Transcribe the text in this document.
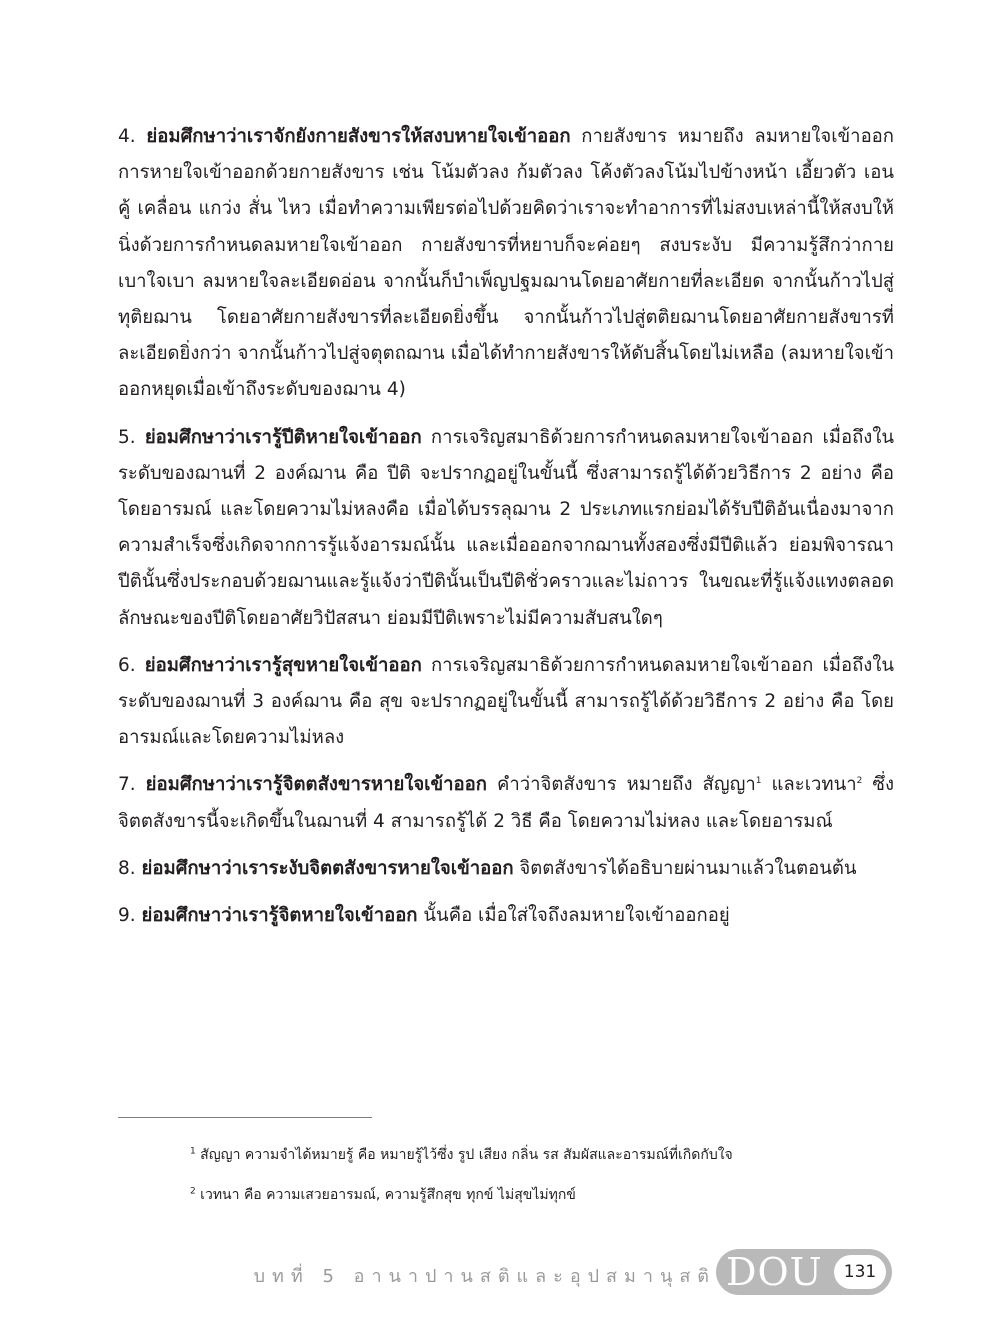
4. ย่อมศึกษาว่าเราจักยังกายสังขารให้สงบหายใจเข้าออก กายสังขาร หมายถึง ลมหายใจเข้าออก การหายใจเข้าออกด้วยกายสังขาร เช่น โน้มตัวลง ก้มตัวลง โค้งตัวลงโน้มไปข้างหน้า เอี้ยวตัว เอน คู้ เคลื่อน แกว่ง สั่น ไหว เมื่อทำความเพียรต่อไปด้วยคิดว่าเราจะทำอาการที่ไม่สงบเหล่านี้ให้สงบให้นิ่งด้วยการกำหนดลมหายใจเข้าออก กายสังขารที่หยาบก็จะค่อยๆ สงบระงับ มีความรู้สึกว่ากายเบาใจเบา ลมหายใจละเอียดอ่อน จากนั้นก็บำเพ็ญปฐมฌานโดยอาศัยกายที่ละเอียด จากนั้นก้าวไปสู่ทุติยฌาน โดยอาศัยกายสังขารที่ละเอียดยิ่งขึ้น จากนั้นก้าวไปสู่ตติยฌานโดยอาศัยกายสังขารที่ละเอียดยิ่งกว่า จากนั้นก้าวไปสู่จตุตถฌาน เมื่อได้ทำกายสังขารให้ดับสิ้นโดยไม่เหลือ (ลมหายใจเข้าออกหยุดเมื่อเข้าถึงระดับของฌาน 4)

5. ย่อมศึกษาว่าเรารู้ปีติหายใจเข้าออก การเจริญสมาธิด้วยการกำหนดลมหายใจเข้าออก เมื่อถึงในระดับของฌานที่ 2 องค์ฌาน คือ ปีติ จะปรากฏอยู่ในขั้นนี้ ซึ่งสามารถรู้ได้ด้วยวิธีการ 2 อย่าง คือ โดยอารมณ์ และโดยความไม่หลงคือ เมื่อได้บรรลุฌาน 2 ประเภทแรกย่อมได้รับปีติอันเนื่องมาจากความสำเร็จซึ่งเกิดจากการรู้แจ้งอารมณ์นั้น และเมื่อออกจากฌานทั้งสองซึ่งมีปีติแล้ว ย่อมพิจารณาปีตินั้นซึ่งประกอบด้วยฌานและรู้แจ้งว่าปีตินั้นเป็นปีติชั่วคราวและไม่ถาวร ในขณะที่รู้แจ้งแทงตลอดลักษณะของปีติโดยอาศัยวิปัสสนา ย่อมมีปีติเพราะไม่มีความสับสนใดๆ

6. ย่อมศึกษาว่าเรารู้สุขหายใจเข้าออก การเจริญสมาธิด้วยการกำหนดลมหายใจเข้าออก เมื่อถึงในระดับของฌานที่ 3 องค์ฌาน คือ สุข จะปรากฏอยู่ในขั้นนี้ สามารถรู้ได้ด้วยวิธีการ 2 อย่าง คือ โดยอารมณ์และโดยความไม่หลง

7. ย่อมศึกษาว่าเรารู้จิตตสังขารหายใจเข้าออก คำว่าจิตสังขาร หมายถึง สัญญา$^1$ และเวทนา$^2$ ซึ่งจิตตสังขารนี้จะเกิดขึ้นในฌานที่ 4 สามารถรู้ได้ 2 วิธี คือ โดยความไม่หลง และโดยอารมณ์

8. ย่อมศึกษาว่าเราระงับจิตตสังขารหายใจเข้าออก จิตตสังขารได้อธิบายผ่านมาแล้วในตอนต้น

9. ย่อมศึกษาว่าเรารู้จิตหายใจเข้าออก นั้นคือ เมื่อใส่ใจถึงลมหายใจเข้าออกอยู่

$^1$ สัญญา ความจำได้หมายรู้ คือ หมายรู้ไว้ซึ่ง รูป เสียง กลิ่น รส สัมผัสและอารมณ์ที่เกิดกับใจ
$^2$ เวทนา คือ ความเสวยอารมณ์, ความรู้สึกสุข ทุกข์ ไม่สุขไม่ทุกข์
บทที่ 5 อานาปานสติและอุปสมานุสติ DOU	131
